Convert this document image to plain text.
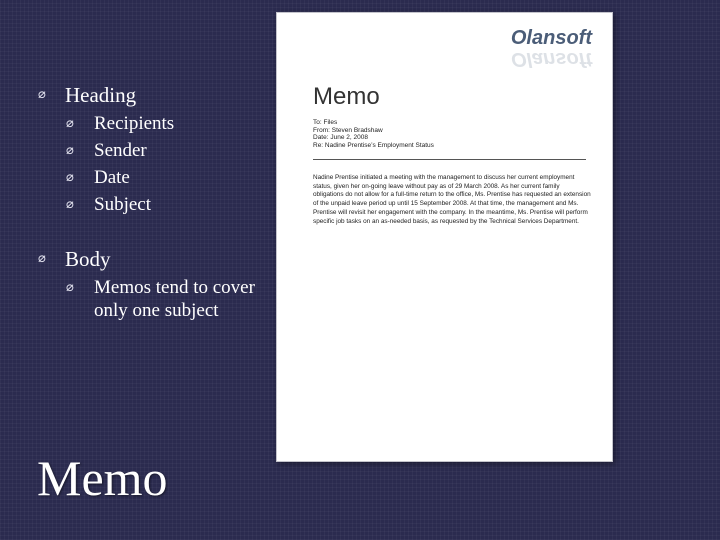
⌀ Heading
⌀ Recipients
⌀ Sender
⌀ Date
⌀ Subject
⌀ Body
⌀ Memos tend to cover only one subject
Memo
Olansoft
Olansoft
Memo
To: Files
From: Steven Bradshaw
Date: June 2, 2008
Re: Nadine Prentise’s Employment Status
Nadine Prentise initiated a meeting with the management to discuss her current employment status, given her on-going leave without pay as of 29 March 2008. As her current family obligations do not allow for a full-time return to the office, Ms. Prentise has requested an extension of the unpaid leave period up until 15 September 2008. At that time, the management and Ms. Prentise will revisit her engagement with the company. In the meantime, Ms. Prentise will perform specific job tasks on an as-needed basis, as requested by the Technical Services Department.
